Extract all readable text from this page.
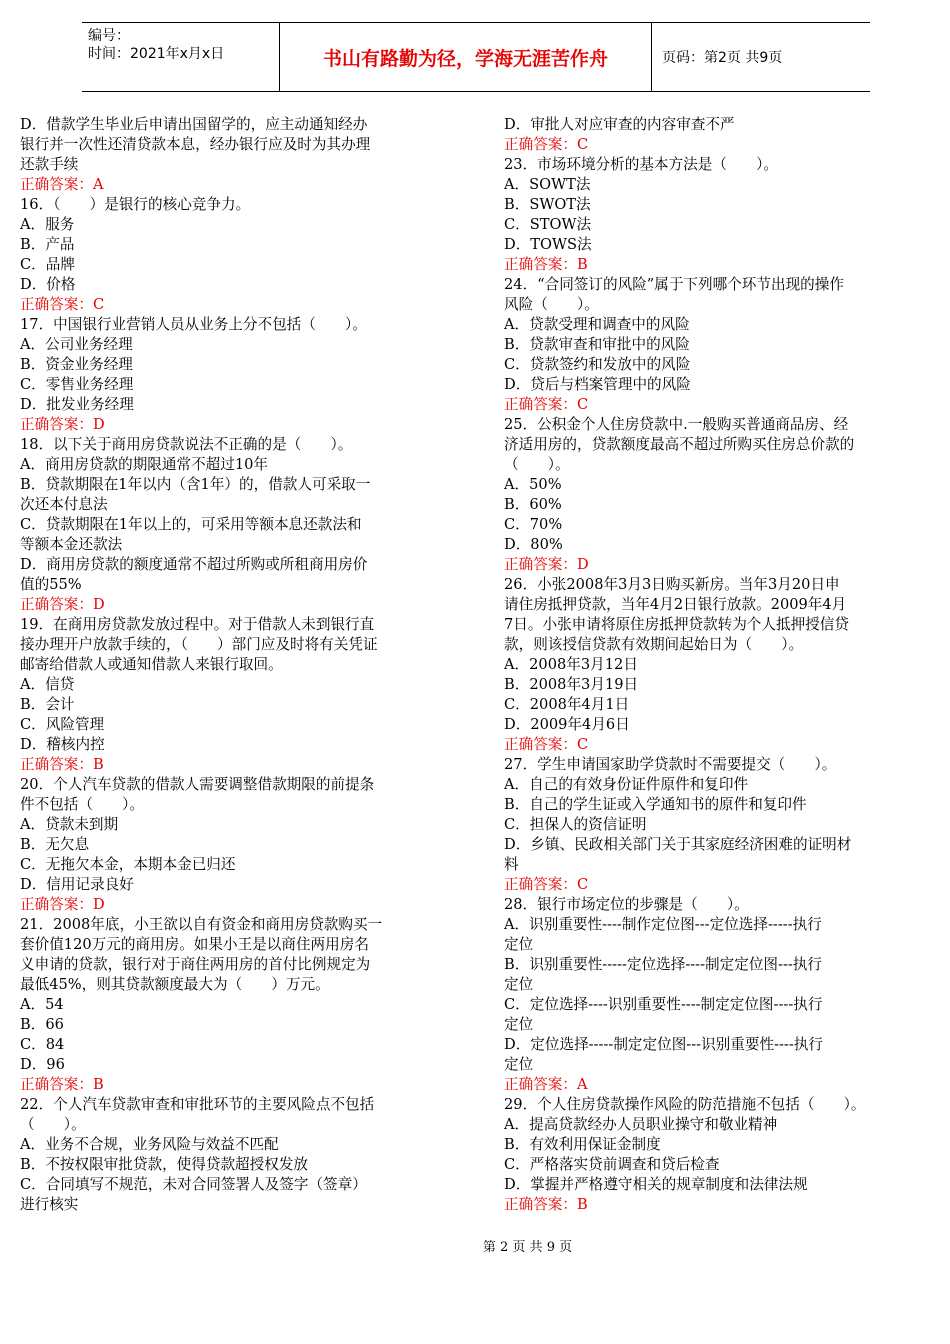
编号：
时间：2021年x月x日	书山有路勤为径，学海无涯苦作舟	页码：第2页 共9页
D．借款学生毕业后申请出国留学的，应主动通知经办
银行并一次性还清贷款本息，经办银行应及时为其办理
还款手续
正确答案：A
16．（　　）是银行的核心竞争力。
A．服务
B．产品
C．品牌
D．价格
正确答案：C
17．中国银行业营销人员从业务上分不包括（　　）。
A．公司业务经理
B．资金业务经理
C．零售业务经理
D．批发业务经理
正确答案：D
18．以下关于商用房贷款说法不正确的是（　　）。
A．商用房贷款的期限通常不超过10年
B．贷款期限在1年以内（含1年）的，借款人可采取一
次还本付息法
C．贷款期限在1年以上的，可采用等额本息还款法和
等额本金还款法
D．商用房贷款的额度通常不超过所购或所租商用房价
值的55%
正确答案：D
19．在商用房贷款发放过程中。对于借款人未到银行直
接办理开户放款手续的，（　　）部门应及时将有关凭证
邮寄给借款人或通知借款人来银行取回。
A．信贷
B．会计
C．风险管理
D．稽核内控
正确答案：B
20．个人汽车贷款的借款人需要调整借款期限的前提条
件不包括（　　）。
A．贷款未到期
B．无欠息
C．无拖欠本金，本期本金已归还
D．信用记录良好
正确答案：D
21．2008年底，小王欲以自有资金和商用房贷款购买一
套价值120万元的商用房。如果小王是以商住两用房名
义申请的贷款，银行对于商住两用房的首付比例规定为
最低45%，则其贷款额度最大为（　　）万元。
A．54
B．66
C．84
D．96
正确答案：B
22．个人汽车贷款审查和审批环节的主要风险点不包括
（　　）。
A．业务不合规，业务风险与效益不匹配
B．不按权限审批贷款，使得贷款超授权发放
C．合同填写不规范，未对合同签署人及签字（签章）
进行核实
D．审批人对应审查的内容审查不严
正确答案：C
23．市场环境分析的基本方法是（　　）。
A．SOWT法
B．SWOT法
C．STOW法
D．TOWS法
正确答案：B
24．“合同签订的风险”属于下列哪个环节出现的操作
风险（　　）。
A．贷款受理和调查中的风险
B．贷款审查和审批中的风险
C．贷款签约和发放中的风险
D．贷后与档案管理中的风险
正确答案：C
25．公积金个人住房贷款中.一般购买普通商品房、经
济适用房的，贷款额度最高不超过所购买住房总价款的
（　　）。
A．50%
B．60%
C．70%
D．80%
正确答案：D
26．小张2008年3月3日购买新房。当年3月20日申
请住房抵押贷款，当年4月2日银行放款。2009年4月
7日。小张申请将原住房抵押贷款转为个人抵押授信贷
款，则该授信贷款有效期间起始日为（　　）。
A．2008年3月12日
B．2008年3月19日
C．2008年4月1日
D．2009年4月6日
正确答案：C
27．学生申请国家助学贷款时不需要提交（　　）。
A．自己的有效身份证件原件和复印件
B．自己的学生证或入学通知书的原件和复印件
C．担保人的资信证明
D．乡镇、民政相关部门关于其家庭经济困难的证明材
料
正确答案：C
28．银行市场定位的步骤是（　　）。
A．识别重要性----制作定位图---定位选择-----执行
定位
B．识别重要性-----定位选择----制定定位图---执行
定位
C．定位选择----识别重要性----制定定位图----执行
定位
D．定位选择-----制定定位图---识别重要性----执行
定位
正确答案：A
29．个人住房贷款操作风险的防范措施不包括（　　）。
A．提高贷款经办人员职业操守和敬业精神
B．有效利用保证金制度
C．严格落实贷前调查和贷后检查
D．掌握并严格遵守相关的规章制度和法律法规
正确答案：B
第 2 页 共 9 页
